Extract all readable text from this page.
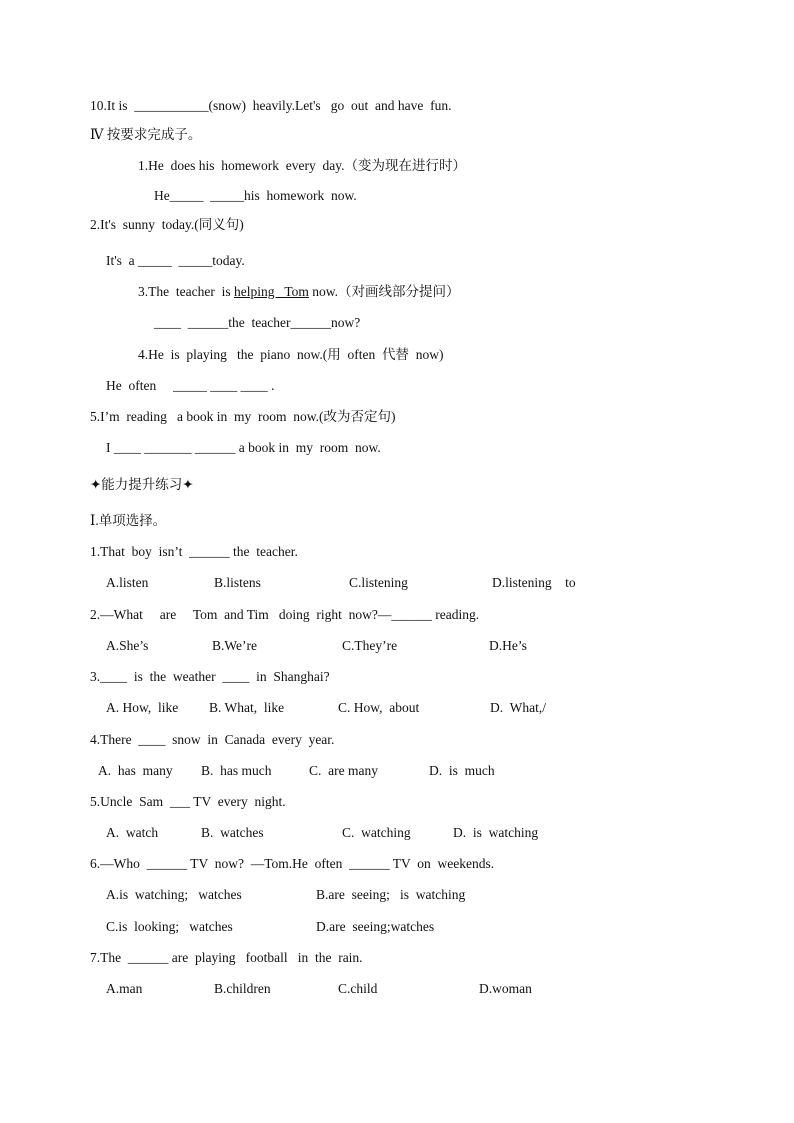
10.It is  ___________(snow)  heavily.Let's   go  out  and have  fun.
Ⅳ 按要求完成子。
1.He  does his  homework  every  day.（变为现在进行时）
He_____  _____his  homework  now.
2.It's  sunny  today.(同义句)
It's  a _____  _____today.
3.The  teacher  is helping   Tom now.（对画线部分提问）
____  ______the  teacher______now?
4.He  is  playing   the  piano  now.(用  often  代替  now)
He  often     _____ ____ ____ .
5.I’m  reading   a book in  my  room  now.(改为否定句)
I ____ _______ ______ a book in  my  room  now.
✦能力提升练习✦
Ⅰ.单项选择。
1.That  boy  isn’t  ______ the  teacher.
A.listen	B.listens	C.listening	D.listening    to
2.—What     are     Tom  and Tim   doing  right  now?—______ reading.
A.She’s	B.We’re	C.They’re	D.He’s
3.____  is  the  weather  ____  in  Shanghai?
A. How,  like B. What,  like	C. How,  about	D.  What,/
4.There  ____  snow  in  Canada  every  year.
A.  has  many B.  has much	C.  are many	D.  is  much
5.Uncle  Sam  ___ TV  every  night.
A.  watch	B.  watches	C.  watching	D.  is  watching
6.—Who  ______ TV  now?  —Tom.He  often  ______ TV  on  weekends.
A.is  watching;   watches	B.are  seeing;   is  watching
C.is  looking;   watches	D.are  seeing;watches
7.The  ______ are  playing   football   in  the  rain.
A.man	B.children	C.child	D.woman
